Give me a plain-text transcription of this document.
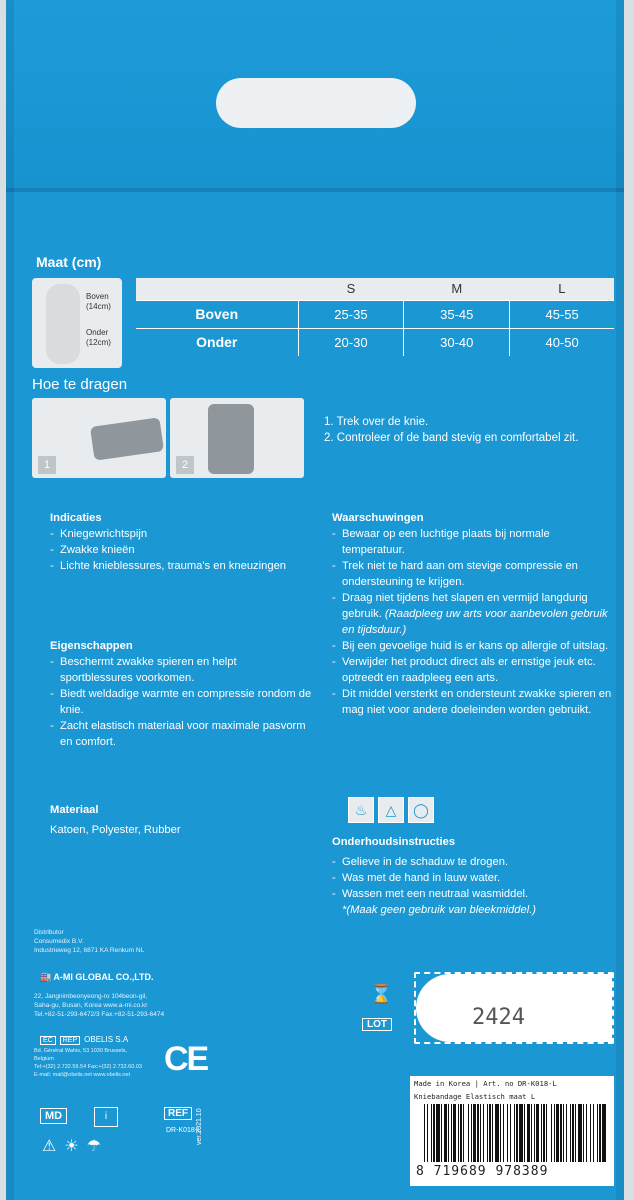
Maat (cm)
Boven
(14cm)
Onder
(12cm)
	S	M	L
Boven	25-35	35-45	45-55
Onder	20-30	30-40	40-50
Hoe te dragen
1	2
1. Trek over de knie.
2. Controleer of de band stevig en comfortabel zit.
Indicaties
- Kniegewrichtspijn
- Zwakke knieën
- Lichte knieblessures, trauma's en kneuzingen
Eigenschappen
- Beschermt zwakke spieren en helpt sportblessures voorkomen.
- Biedt weldadige warmte en compressie rondom de knie.
- Zacht elastisch materiaal voor maximale pasvorm en comfort.
Materiaal
Katoen, Polyester, Rubber
Waarschuwingen
- Bewaar op een luchtige plaats bij normale temperatuur.
- Trek niet te hard aan om stevige compressie en ondersteuning te krijgen.
- Draag niet tijdens het slapen en vermijd langdurig gebruik. (Raadpleeg uw arts voor aanbevolen gebruik en tijdsduur.)
- Bij een gevoelige huid is er kans op allergie of uitslag.
- Verwijder het product direct als er ernstige jeuk etc. optreedt en raadpleeg een arts.
- Dit middel versterkt en ondersteunt zwakke spieren en mag niet voor andere doeleinden worden gebruikt.
♨	△	◯
Onderhoudsinstructies
- Gelieve in de schaduw te drogen.
- Was met de hand in lauw water.
- Wassen met een neutraal wasmiddel.
*(Maak geen gebruik van bleekmiddel.)
Distributor
Consumedix B.V.
Industrieweg 12, 6871 KA Renkum NL
🏭 A-MI GLOBAL CO.,LTD.
22, Jangnimbeonyeong-ro 104beon-gil,
Saha-gu, Busan, Korea www.a-mi.co.kr
Tel.+82-51-293-6472/3 Fax.+82-51-293-6474
EC REP OBELIS S.A
Bd. Général Wahis, 53 1030 Brussels,
Belgium
Tel:+(32) 2.732.59.54 Fax:+(32) 2.732.60.03
E-mail: mail@obelis.net www.obelis.net CE
MD	i	REF
DR-K018-L
ver.2021.10
⚠☀☂
2424
⌛
LOT
Made in Korea | Art. no DR-K018-L
Kniebandage Elastisch maat L
8 719689 978389
